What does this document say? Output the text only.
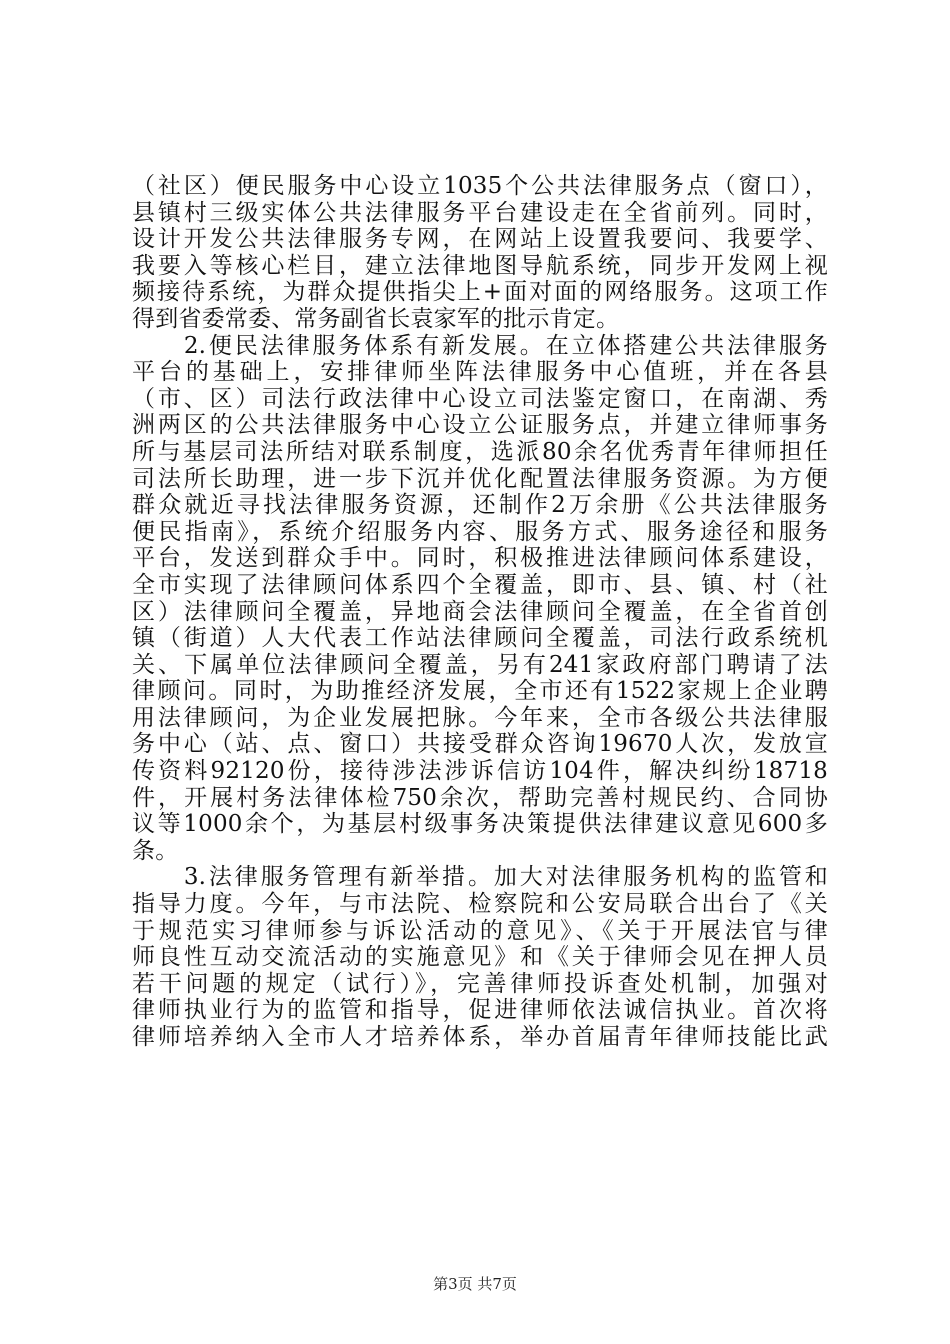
（社区）便民服务中心设立1035个公共法律服务点（窗口），
县镇村三级实体公共法律服务平台建设走在全省前列。同时，
设计开发公共法律服务专网，在网站上设置我要问、我要学、
我要入等核心栏目，建立法律地图导航系统，同步开发网上视
频接待系统，为群众提供指尖上+面对面的网络服务。这项工作
得到省委常委、常务副省长袁家军的批示肯定。
　　2.便民法律服务体系有新发展。在立体搭建公共法律服务
平台的基础上，安排律师坐阵法律服务中心值班，并在各县
（市、区）司法行政法律中心设立司法鉴定窗口，在南湖、秀
洲两区的公共法律服务中心设立公证服务点，并建立律师事务
所与基层司法所结对联系制度，选派80余名优秀青年律师担任
司法所长助理，进一步下沉并优化配置法律服务资源。为方便
群众就近寻找法律服务资源，还制作2万余册《公共法律服务
便民指南》，系统介绍服务内容、服务方式、服务途径和服务
平台，发送到群众手中。同时，积极推进法律顾问体系建设，
全市实现了法律顾问体系四个全覆盖，即市、县、镇、村（社
区）法律顾问全覆盖，异地商会法律顾问全覆盖，在全省首创
镇（街道）人大代表工作站法律顾问全覆盖，司法行政系统机
关、下属单位法律顾问全覆盖，另有241家政府部门聘请了法
律顾问。同时，为助推经济发展，全市还有1522家规上企业聘
用法律顾问，为企业发展把脉。今年来，全市各级公共法律服
务中心（站、点、窗口）共接受群众咨询19670人次，发放宣
传资料92120份，接待涉法涉诉信访104件，解决纠纷18718
件，开展村务法律体检750余次，帮助完善村规民约、合同协
议等1000余个，为基层村级事务决策提供法律建议意见600多
条。
　　3.法律服务管理有新举措。加大对法律服务机构的监管和
指导力度。今年，与市法院、检察院和公安局联合出台了《关
于规范实习律师参与诉讼活动的意见》、《关于开展法官与律
师良性互动交流活动的实施意见》和《关于律师会见在押人员
若干问题的规定（试行）》，完善律师投诉查处机制，加强对
律师执业行为的监管和指导，促进律师依法诚信执业。首次将
律师培养纳入全市人才培养体系，举办首届青年律师技能比武
第3页 共7页
